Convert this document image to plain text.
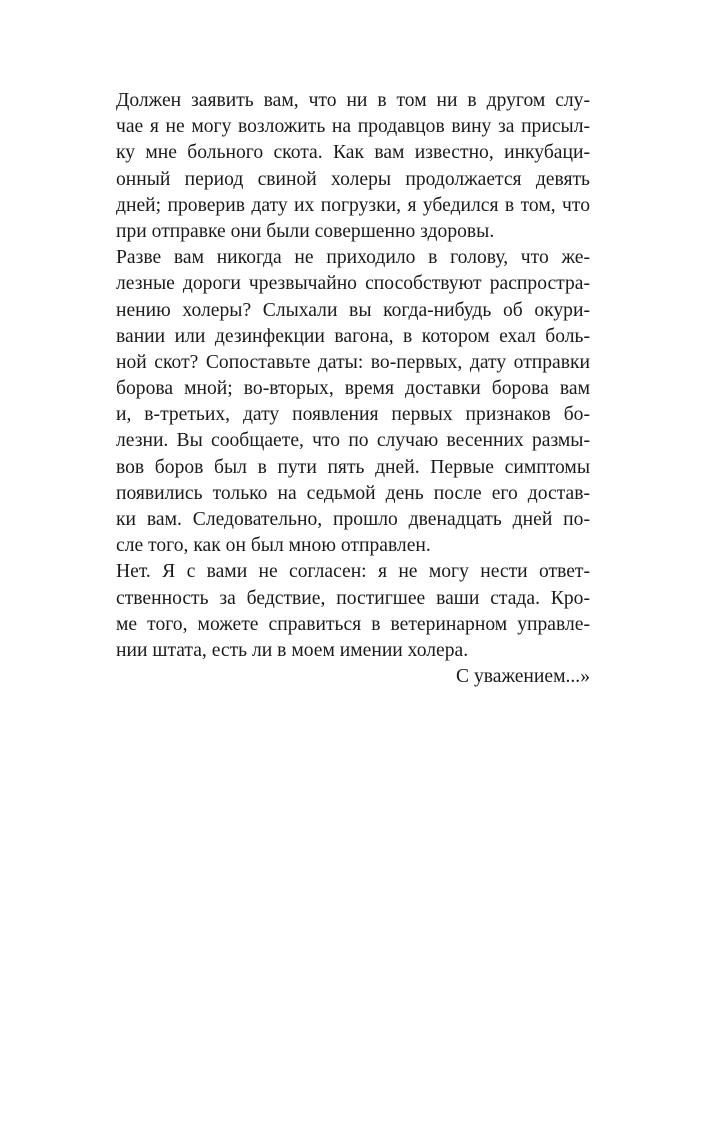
Должен заявить вам, что ни в том ни в другом слу-
чае я не могу возложить на продавцов вину за присыл-
ку мне больного скота. Как вам известно, инкубаци-
онный период свиной холеры продолжается девять
дней; проверив дату их погрузки, я убедился в том, что
при отправке они были совершенно здоровы.
Разве вам никогда не приходило в голову, что же-
лезные дороги чрезвычайно способствуют распростра-
нению холеры? Слыхали вы когда-нибудь об окури-
вании или дезинфекции вагона, в котором ехал боль-
ной скот? Сопоставьте даты: во-первых, дату отправки
борова мной; во-вторых, время доставки борова вам
и, в-третьих, дату появления первых признаков бо-
лезни. Вы сообщаете, что по случаю весенних размы-
вов боров был в пути пять дней. Первые симптомы
появились только на седьмой день после его достав-
ки вам. Следовательно, прошло двенадцать дней по-
сле того, как он был мною отправлен.
Нет. Я с вами не согласен: я не могу нести ответ-
ственность за бедствие, постигшее ваши стада. Кро-
ме того, можете справиться в ветеринарном управле-
нии штата, есть ли в моем имении холера.
С уважением...»
